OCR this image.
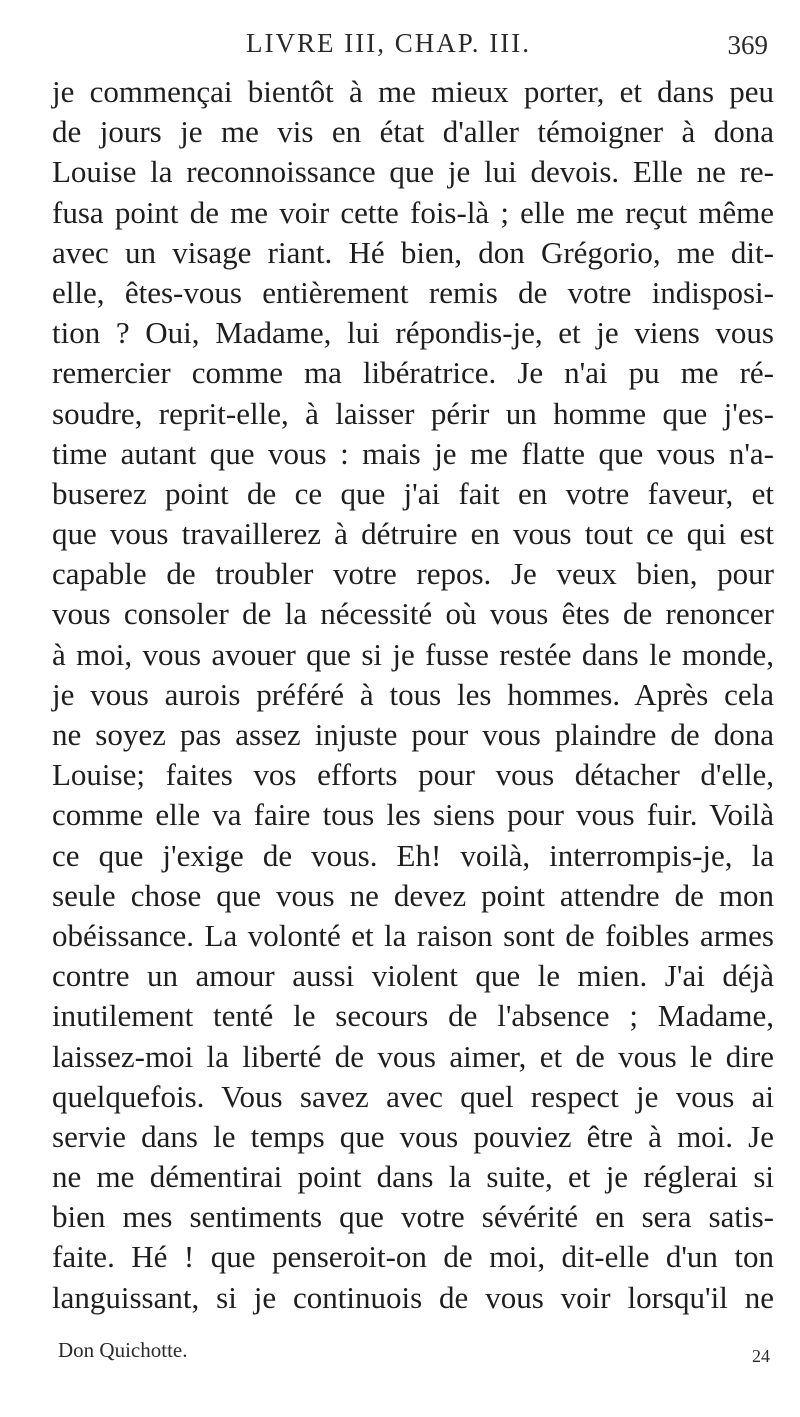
LIVRE III, CHAP. III.	369
je commençai bientôt à me mieux porter, et dans peu
de jours je me vis en état d'aller témoigner à dona
Louise la reconnoissance que je lui devois. Elle ne re-
fusa point de me voir cette fois-là ; elle me reçut même
avec un visage riant. Hé bien, don Grégorio, me dit-
elle, êtes-vous entièrement remis de votre indisposi-
tion ? Oui, Madame, lui répondis-je, et je viens vous
remercier comme ma libératrice. Je n'ai pu me ré-
soudre, reprit-elle, à laisser périr un homme que j'es-
time autant que vous : mais je me flatte que vous n'a-
buserez point de ce que j'ai fait en votre faveur, et
que vous travaillerez à détruire en vous tout ce qui est
capable de troubler votre repos. Je veux bien, pour
vous consoler de la nécessité où vous êtes de renoncer
à moi, vous avouer que si je fusse restée dans le monde,
je vous aurois préféré à tous les hommes. Après cela
ne soyez pas assez injuste pour vous plaindre de dona
Louise; faites vos efforts pour vous détacher d'elle,
comme elle va faire tous les siens pour vous fuir. Voilà
ce que j'exige de vous. Eh! voilà, interrompis-je, la
seule chose que vous ne devez point attendre de mon
obéissance. La volonté et la raison sont de foibles armes
contre un amour aussi violent que le mien. J'ai déjà
inutilement tenté le secours de l'absence ; Madame,
laissez-moi la liberté de vous aimer, et de vous le dire
quelquefois. Vous savez avec quel respect je vous ai
servie dans le temps que vous pouviez être à moi. Je
ne me démentirai point dans la suite, et je réglerai si
bien mes sentiments que votre sévérité en sera satis-
faite. Hé ! que penseroit-on de moi, dit-elle d'un ton
languissant, si je continuois de vous voir lorsqu'il ne
Don Quichotte.	24
